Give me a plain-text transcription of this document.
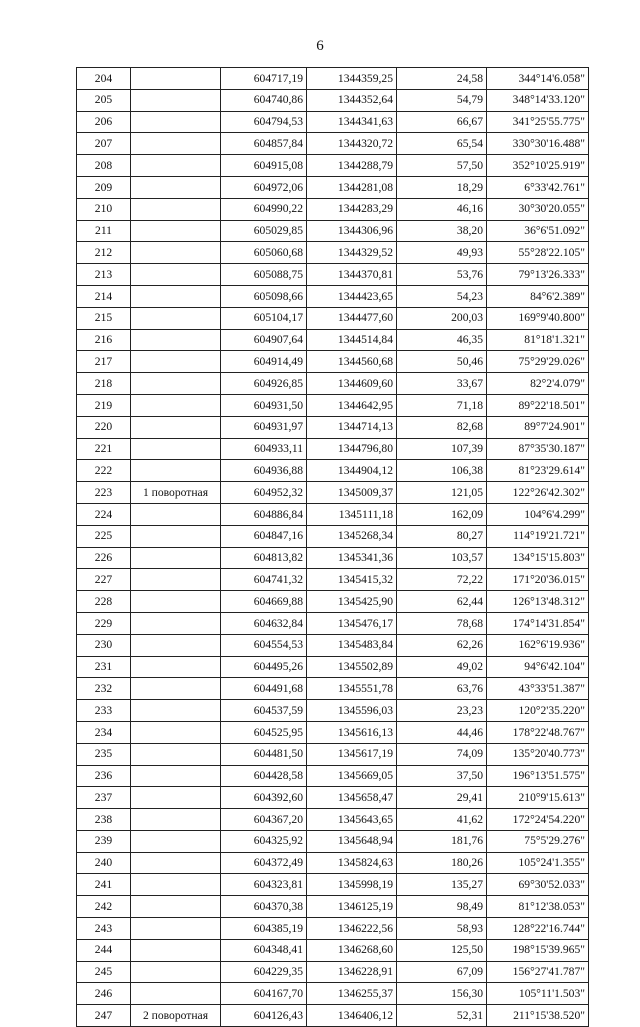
6
204		604717,19	1344359,25	24,58	344°14'6.058"
205		604740,86	1344352,64	54,79	348°14'33.120"
206		604794,53	1344341,63	66,67	341°25'55.775"
207		604857,84	1344320,72	65,54	330°30'16.488"
208		604915,08	1344288,79	57,50	352°10'25.919"
209		604972,06	1344281,08	18,29	6°33'42.761"
210		604990,22	1344283,29	46,16	30°30'20.055"
211		605029,85	1344306,96	38,20	36°6'51.092"
212		605060,68	1344329,52	49,93	55°28'22.105"
213		605088,75	1344370,81	53,76	79°13'26.333"
214		605098,66	1344423,65	54,23	84°6'2.389"
215		605104,17	1344477,60	200,03	169°9'40.800"
216		604907,64	1344514,84	46,35	81°18'1.321"
217		604914,49	1344560,68	50,46	75°29'29.026"
218		604926,85	1344609,60	33,67	82°2'4.079"
219		604931,50	1344642,95	71,18	89°22'18.501"
220		604931,97	1344714,13	82,68	89°7'24.901"
221		604933,11	1344796,80	107,39	87°35'30.187"
222		604936,88	1344904,12	106,38	81°23'29.614"
223	1 поворотная	604952,32	1345009,37	121,05	122°26'42.302"
224		604886,84	1345111,18	162,09	104°6'4.299"
225		604847,16	1345268,34	80,27	114°19'21.721"
226		604813,82	1345341,36	103,57	134°15'15.803"
227		604741,32	1345415,32	72,22	171°20'36.015"
228		604669,88	1345425,90	62,44	126°13'48.312"
229		604632,84	1345476,17	78,68	174°14'31.854"
230		604554,53	1345483,84	62,26	162°6'19.936"
231		604495,26	1345502,89	49,02	94°6'42.104"
232		604491,68	1345551,78	63,76	43°33'51.387"
233		604537,59	1345596,03	23,23	120°2'35.220"
234		604525,95	1345616,13	44,46	178°22'48.767"
235		604481,50	1345617,19	74,09	135°20'40.773"
236		604428,58	1345669,05	37,50	196°13'51.575"
237		604392,60	1345658,47	29,41	210°9'15.613"
238		604367,20	1345643,65	41,62	172°24'54.220"
239		604325,92	1345648,94	181,76	75°5'29.276"
240		604372,49	1345824,63	180,26	105°24'1.355"
241		604323,81	1345998,19	135,27	69°30'52.033"
242		604370,38	1346125,19	98,49	81°12'38.053"
243		604385,19	1346222,56	58,93	128°22'16.744"
244		604348,41	1346268,60	125,50	198°15'39.965"
245		604229,35	1346228,91	67,09	156°27'41.787"
246		604167,70	1346255,37	156,30	105°11'1.503"
247	2 поворотная	604126,43	1346406,12	52,31	211°15'38.520"
